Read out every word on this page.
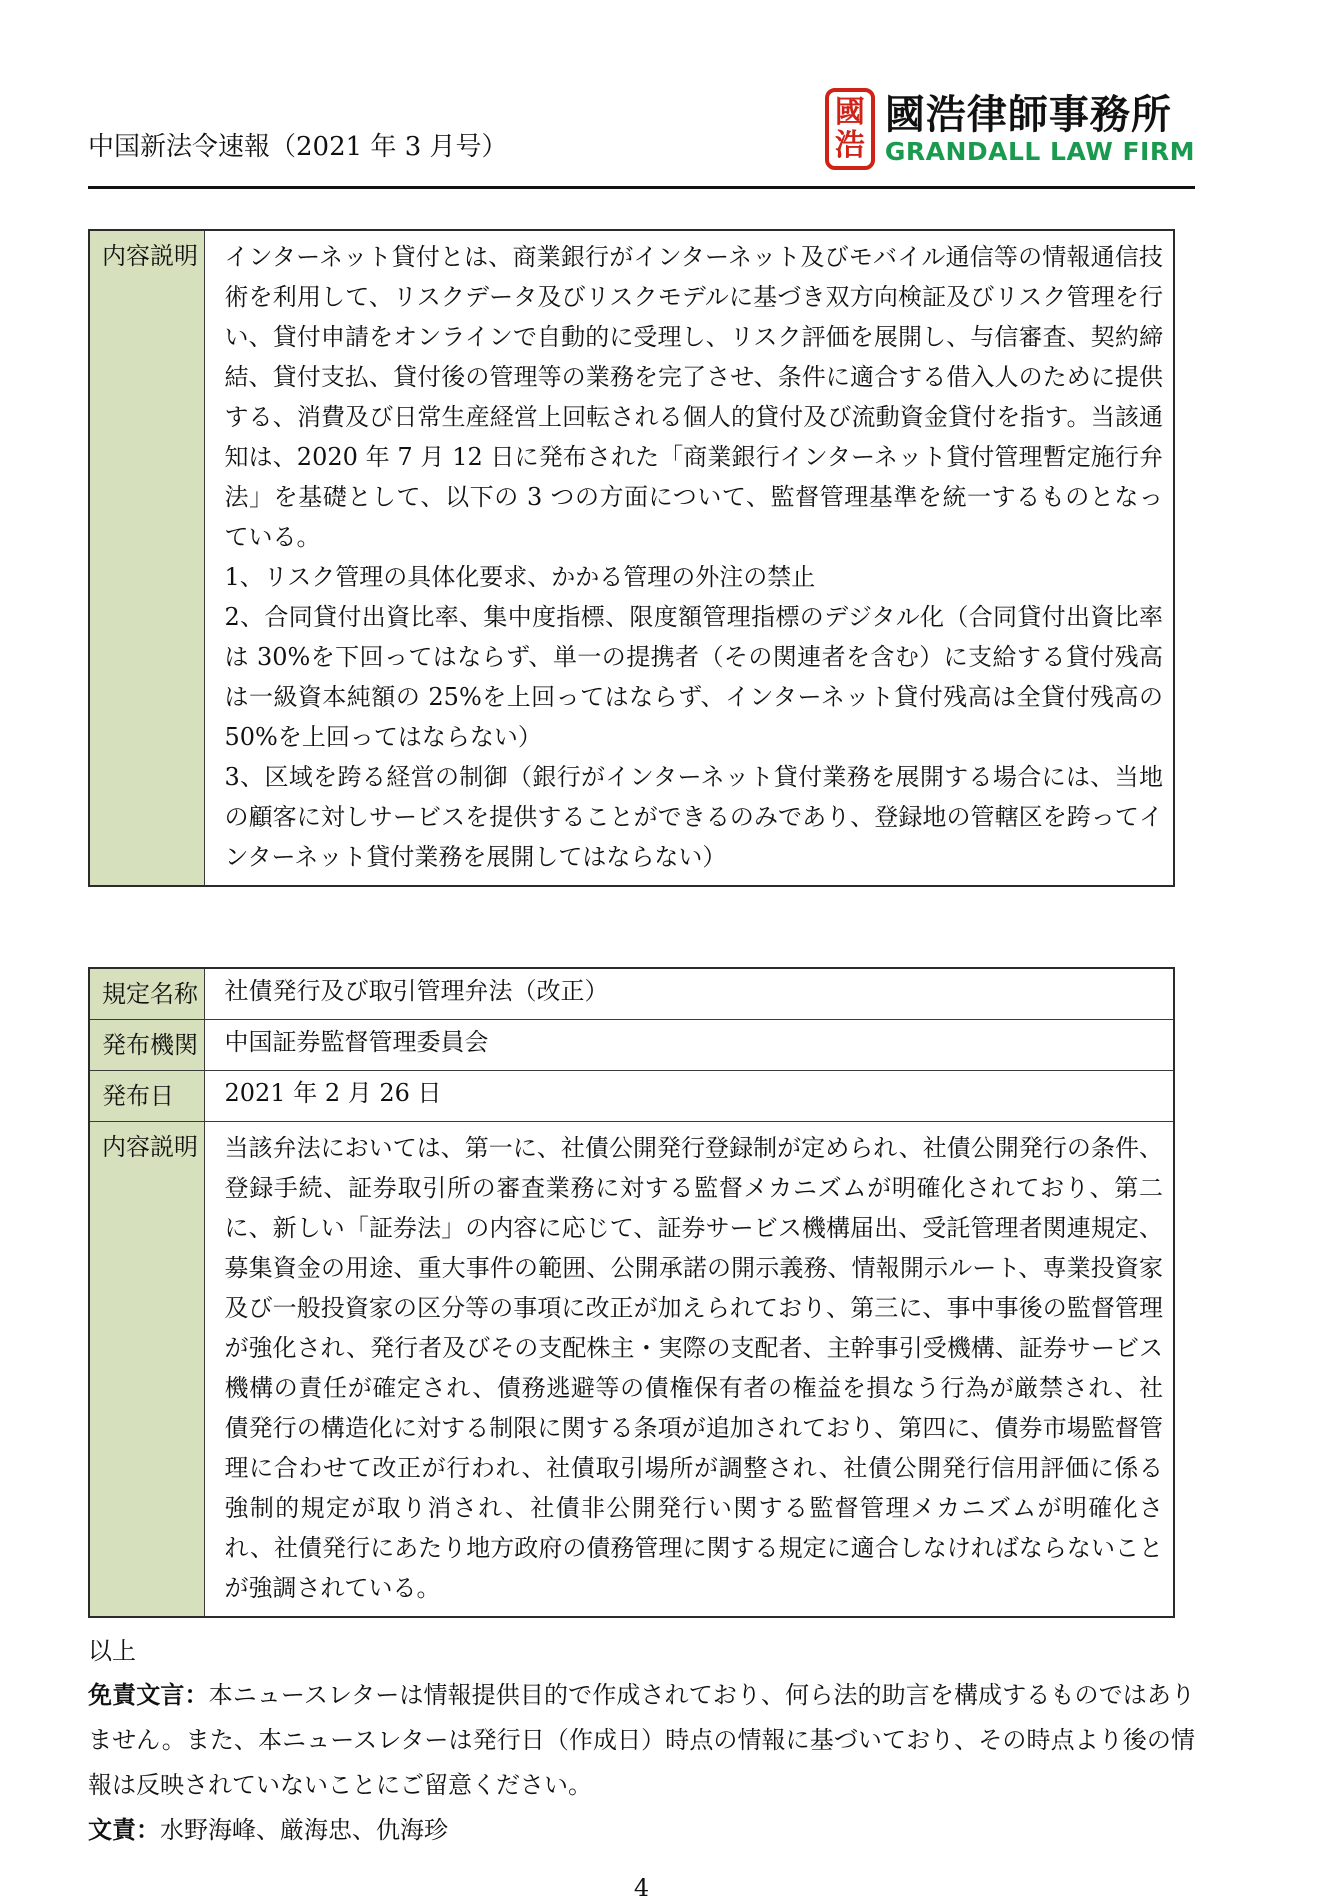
中国新法令速報（2021 年 3 月号）
國
浩
國浩律師事務所
GRANDALL LAW FIRM
内容説明	インターネット貸付とは、商業銀行がインターネット及びモバイル通信等の情報通信技術を利用して、リスクデータ及びリスクモデルに基づき双方向検証及びリスク管理を行い、貸付申請をオンラインで自動的に受理し、リスク評価を展開し、与信審査、契約締結、貸付支払、貸付後の管理等の業務を完了させ、条件に適合する借入人のために提供する、消費及び日常生産経営上回転される個人的貸付及び流動資金貸付を指す。当該通知は、2020 年 7 月 12 日に発布された「商業銀行インターネット貸付管理暫定施行弁法」を基礎として、以下の 3 つの方面について、監督管理基準を統一するものとなっている。

1、リスク管理の具体化要求、かかる管理の外注の禁止

2、合同貸付出資比率、集中度指標、限度額管理指標のデジタル化（合同貸付出資比率は 30%を下回ってはならず、単一の提携者（その関連者を含む）に支給する貸付残高は一級資本純額の 25%を上回ってはならず、インターネット貸付残高は全貸付残高の 50%を上回ってはならない）

3、区域を跨る経営の制御（銀行がインターネット貸付業務を展開する場合には、当地の顧客に対しサービスを提供することができるのみであり、登録地の管轄区を跨ってインターネット貸付業務を展開してはならない）

規定名称	社債発行及び取引管理弁法（改正）
発布機関	中国証券監督管理委員会
発布日	2021 年 2 月 26 日
内容説明	当該弁法においては、第一に、社債公開発行登録制が定められ、社債公開発行の条件、登録手続、証券取引所の審査業務に対する監督メカニズムが明確化されており、第二に、新しい「証券法」の内容に応じて、証券サービス機構届出、受託管理者関連規定、募集資金の用途、重大事件の範囲、公開承諾の開示義務、情報開示ルート、専業投資家及び一般投資家の区分等の事項に改正が加えられており、第三に、事中事後の監督管理が強化され、発行者及びその支配株主・実際の支配者、主幹事引受機構、証券サービス機構の責任が確定され、債務逃避等の債権保有者の権益を損なう行為が厳禁され、社債発行の構造化に対する制限に関する条項が追加されており、第四に、債券市場監督管理に合わせて改正が行われ、社債取引場所が調整され、社債公開発行信用評価に係る強制的規定が取り消され、社債非公開発行い関する監督管理メカニズムが明確化され、社債発行にあたり地方政府の債務管理に関する規定に適合しなければならないことが強調されている。

以上

免責文言：本ニュースレターは情報提供目的で作成されており、何ら法的助言を構成するものではありません。また、本ニュースレターは発行日（作成日）時点の情報に基づいており、その時点より後の情報は反映されていないことにご留意ください。

文責：水野海峰、厳海忠、仇海珍

4
